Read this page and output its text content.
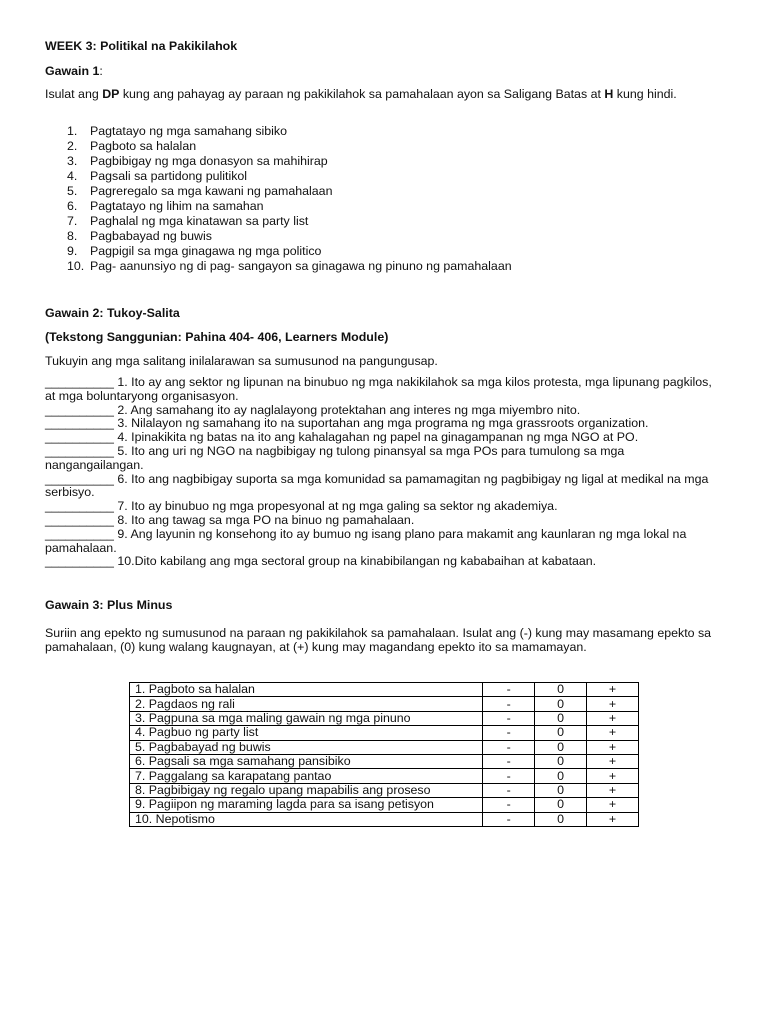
WEEK 3: Politikal na Pakikilahok
Gawain 1:
Isulat ang DP kung ang pahayag ay paraan ng pakikilahok sa pamahalaan ayon sa Saligang Batas at H kung hindi.
1. Pagtatayo ng mga samahang sibiko
2. Pagboto sa halalan
3. Pagbibigay ng mga donasyon sa mahihirap
4. Pagsali sa partidong pulitikol
5. Pagreregalo sa mga kawani ng pamahalaan
6. Pagtatayo ng lihim na samahan
7. Paghalal ng mga kinatawan sa party list
8. Pagbabayad ng buwis
9. Pagpigil sa mga ginagawa ng mga politico
10. Pag- aanunsiyo ng di pag- sangayon sa ginagawa ng pinuno ng pamahalaan
Gawain 2: Tukoy-Salita
(Tekstong Sanggunian: Pahina 404- 406, Learners Module)
Tukuyin ang mga salitang inilalarawan sa sumusunod na pangungusap.
__________ 1. Ito ay ang sektor ng lipunan na binubuo ng mga nakikilahok sa mga kilos protesta, mga lipunang pagkilos, at mga boluntaryong organisasyon.
__________ 2. Ang samahang ito ay naglalayong protektahan ang interes ng mga miyembro nito.
__________ 3. Nilalayon ng samahang ito na suportahan ang mga programa ng mga grassroots organization.
__________ 4. Ipinakikita ng batas na ito ang kahalagahan ng papel na ginagampanan ng mga NGO at PO.
__________ 5. Ito ang uri ng NGO na nagbibigay ng tulong pinansyal sa mga POs para tumulong sa mga nangangailangan.
__________ 6. Ito ang nagbibigay suporta sa mga komunidad sa pamamagitan ng pagbibigay ng ligal at medikal na mga serbisyo.
__________ 7. Ito ay binubuo ng mga propesyonal at ng mga galing sa sektor ng akademiya.
__________ 8. Ito ang tawag sa mga PO na binuo ng pamahalaan.
__________ 9. Ang layunin ng konsehong ito ay bumuo ng isang plano para makamit ang kaunlaran ng mga lokal na pamahalaan.
__________ 10.Dito kabilang ang mga sectoral group na kinabibilangan ng kababaihan at kabataan.
Gawain 3: Plus Minus
Suriin ang epekto ng sumusunod na paraan ng pakikilahok sa pamahalaan. Isulat ang (-) kung may masamang epekto sa pamahalaan, (0) kung walang kaugnayan, at (+) kung may magandang epekto ito sa mamamayan.
1. Pagboto sa halalan	-	0	+
2. Pagdaos ng rali	-	0	+
3. Pagpuna sa mga maling gawain ng mga pinuno	-	0	+
4. Pagbuo ng party list	-	0	+
5. Pagbabayad ng buwis	-	0	+
6. Pagsali sa mga samahang pansibiko	-	0	+
7. Paggalang sa karapatang pantao	-	0	+
8. Pagbibigay ng regalo upang mapabilis ang proseso	-	0	+
9. Pagiipon ng maraming lagda para sa isang petisyon	-	0	+
10. Nepotismo	-	0	+
